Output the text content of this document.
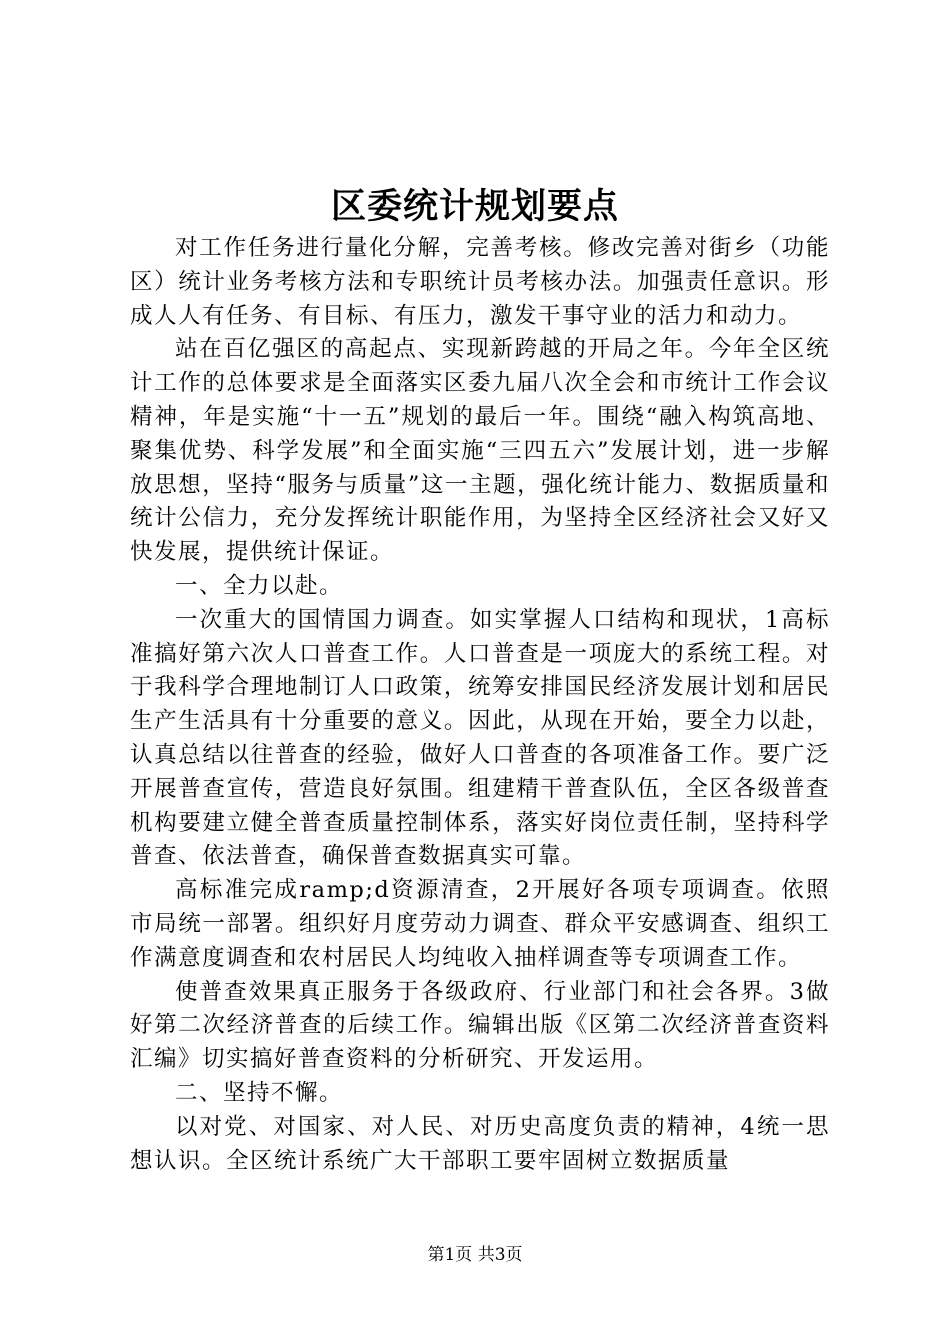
区委统计规划要点

对工作任务进行量化分解，完善考核。修改完善对街乡（功能区）统计业务考核方法和专职统计员考核办法。加强责任意识。形成人人有任务、有目标、有压力，激发干事守业的活力和动力。

站在百亿强区的高起点、实现新跨越的开局之年。今年全区统计工作的总体要求是全面落实区委九届八次全会和市统计工作会议精神，年是实施“十一五”规划的最后一年。围绕“融入构筑高地、聚集优势、科学发展”和全面实施“三四五六”发展计划，进一步解放思想，坚持“服务与质量”这一主题，强化统计能力、数据质量和统计公信力，充分发挥统计职能作用，为坚持全区经济社会又好又快发展，提供统计保证。

一、全力以赴。

一次重大的国情国力调查。如实掌握人口结构和现状，1高标准搞好第六次人口普查工作。人口普查是一项庞大的系统工程。对于我科学合理地制订人口政策，统筹安排国民经济发展计划和居民生产生活具有十分重要的意义。因此，从现在开始，要全力以赴，认真总结以往普查的经验，做好人口普查的各项准备工作。要广泛开展普查宣传，营造良好氛围。组建精干普查队伍，全区各级普查机构要建立健全普查质量控制体系，落实好岗位责任制，坚持科学普查、依法普查，确保普查数据真实可靠。

高标准完成ramp;d资源清查，2开展好各项专项调查。依照市局统一部署。组织好月度劳动力调查、群众平安感调查、组织工作满意度调查和农村居民人均纯收入抽样调查等专项调查工作。

使普查效果真正服务于各级政府、行业部门和社会各界。3做好第二次经济普查的后续工作。编辑出版《区第二次经济普查资料汇编》切实搞好普查资料的分析研究、开发运用。

二、坚持不懈。

以对党、对国家、对人民、对历史高度负责的精神，4统一思想认识。全区统计系统广大干部职工要牢固树立数据质量

第1页 共3页
